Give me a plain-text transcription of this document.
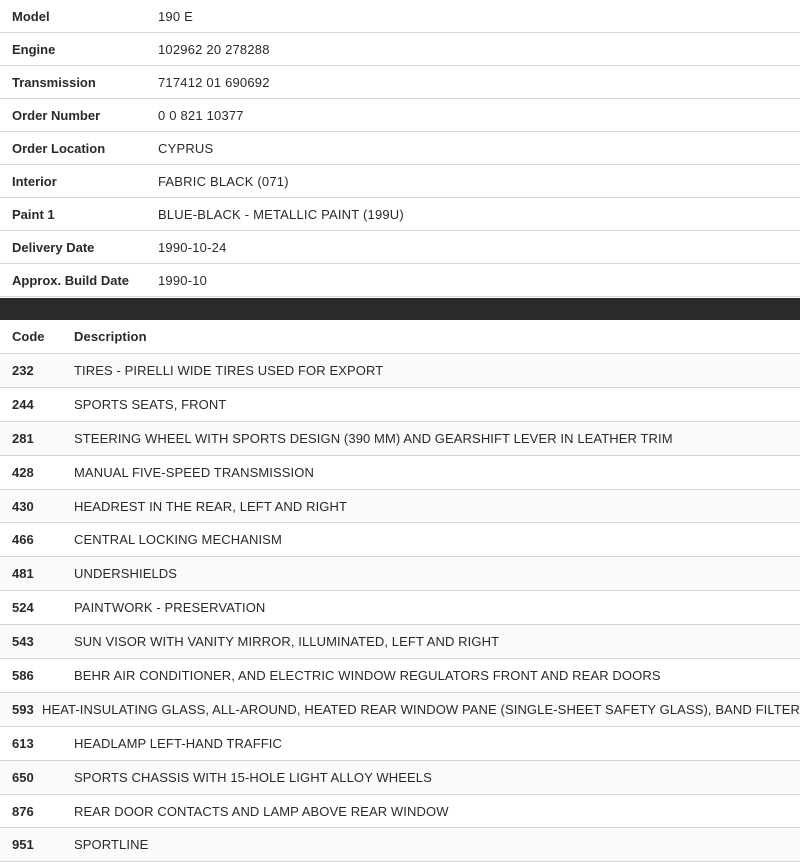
Model	190 E
Engine	102962 20 278288
Transmission	717412 01 690692
Order Number	0 0 821 10377
Order Location	CYPRUS
Interior	FABRIC BLACK (071)
Paint 1	BLUE-BLACK - METALLIC PAINT (199U)
Delivery Date	1990-10-24
Approx. Build Date	1990-10
Code	Description
232	TIRES - PIRELLI WIDE TIRES USED FOR EXPORT
244	SPORTS SEATS, FRONT
281	STEERING WHEEL WITH SPORTS DESIGN (390 MM) AND GEARSHIFT LEVER IN LEATHER TRIM
428	MANUAL FIVE-SPEED TRANSMISSION
430	HEADREST IN THE REAR, LEFT AND RIGHT
466	CENTRAL LOCKING MECHANISM
481	UNDERSHIELDS
524	PAINTWORK - PRESERVATION
543	SUN VISOR WITH VANITY MIRROR, ILLUMINATED, LEFT AND RIGHT
586	BEHR AIR CONDITIONER, AND ELECTRIC WINDOW REGULATORS FRONT AND REAR DOORS
593 HEAT-INSULATING GLASS, ALL-AROUND, HEATED REAR WINDOW PANE (SINGLE-SHEET SAFETY GLASS), BAND FILTER
613	HEADLAMP LEFT-HAND TRAFFIC
650	SPORTS CHASSIS WITH 15-HOLE LIGHT ALLOY WHEELS
876	REAR DOOR CONTACTS AND LAMP ABOVE REAR WINDOW
951	SPORTLINE
